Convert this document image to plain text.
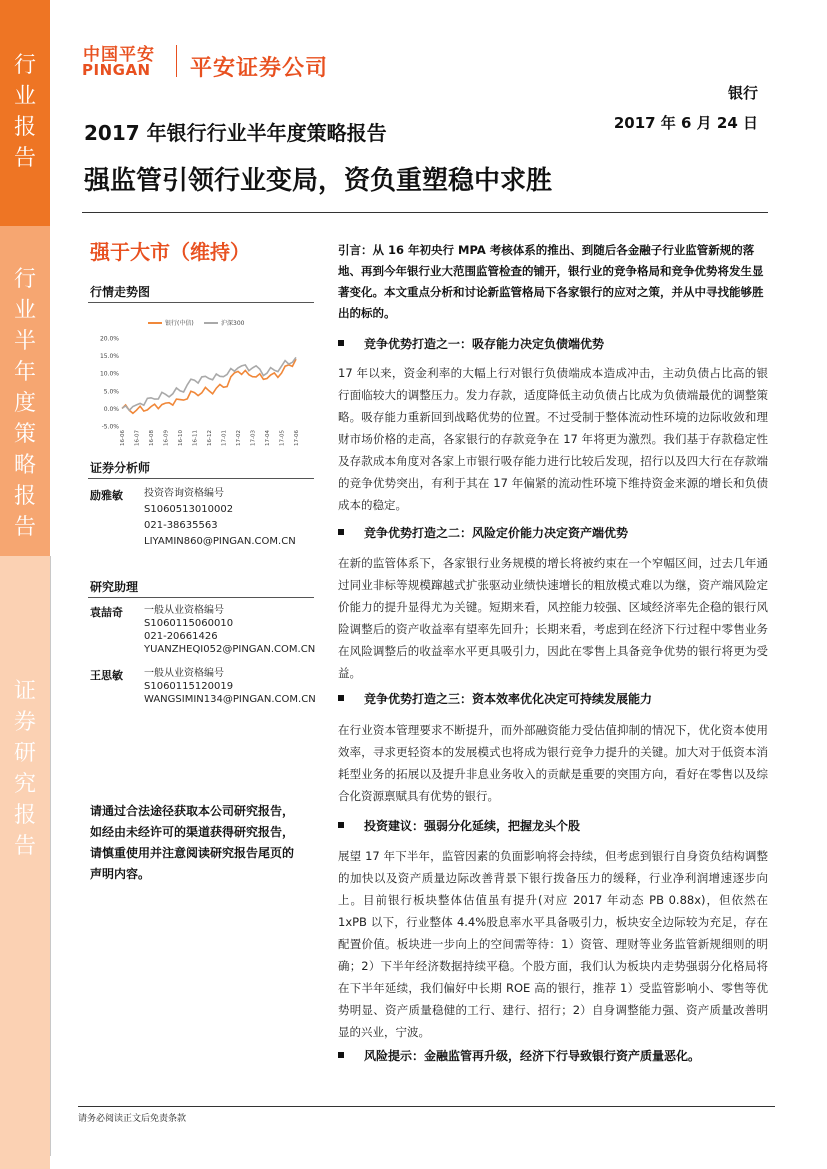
行
业
报
告
行
业
半
年
度
策
略
报
告
证
券
研
究
报
告
中国平安
PINGAN 平安证券公司
银行
2017 年 6 月 24 日
2017 年银行行业半年度策略报告
强监管引领行业变局，资负重塑稳中求胜
强于大市（维持）
行情走势图
20.0%
15.0%
10.0%
5.0%
0.0%
-5.0%
16-06 16-07 16-08 16-09 16-10 16-11 16-12 17-01 17-02 17-03 17-04 17-05 17-06
银行(中信)	沪深300
证券分析师
励雅敏 投资咨询资格编号
S1060513010002
021-38635563
LIYAMIN860@PINGAN.COM.CN
研究助理
袁喆奇 一般从业资格编号
S1060115060010
021-20661426
YUANZHEQI052@PINGAN.COM.CN
王思敏 一般从业资格编号
S1060115120019
WANGSIMIN134@PINGAN.COM.CN
请通过合法途径获取本公司研究报告，如经由未经许可的渠道获得研究报告，请慎重使用并注意阅读研究报告尾页的声明内容。
引言：从 16 年初央行 MPA 考核体系的推出、到随后各金融子行业监管新规的落地、再到今年银行业大范围监管检查的铺开，银行业的竞争格局和竞争优势将发生显著变化。本文重点分析和讨论新监管格局下各家银行的应对之策，并从中寻找能够胜出的标的。
竞争优势打造之一：吸存能力决定负债端优势
17 年以来，资金利率的大幅上行对银行负债端成本造成冲击，主动负债占比高的银行面临较大的调整压力。发力存款，适度降低主动负债占比成为负债端最优的调整策略。吸存能力重新回到战略优势的位置。不过受制于整体流动性环境的边际收敛和理财市场价格的走高，各家银行的存款竞争在 17 年将更为激烈。我们基于存款稳定性及存款成本角度对各家上市银行吸存能力进行比较后发现，招行以及四大行在存款端的竞争优势突出，有利于其在 17 年偏紧的流动性环境下维持资金来源的增长和负债成本的稳定。
竞争优势打造之二：风险定价能力决定资产端优势
在新的监管体系下，各家银行业务规模的增长将被约束在一个窄幅区间，过去几年通过同业非标等规模蹿越式扩张驱动业绩快速增长的粗放模式难以为继，资产端风险定价能力的提升显得尤为关键。短期来看，风控能力较强、区域经济率先企稳的银行风险调整后的资产收益率有望率先回升；长期来看，考虑到在经济下行过程中零售业务在风险调整后的收益率水平更具吸引力，因此在零售上具备竞争优势的银行将更为受益。
竞争优势打造之三：资本效率优化决定可持续发展能力
在行业资本管理要求不断提升，而外部融资能力受估值抑制的情况下，优化资本使用效率，寻求更轻资本的发展模式也将成为银行竞争力提升的关键。加大对于低资本消耗型业务的拓展以及提升非息业务收入的贡献是重要的突围方向，看好在零售以及综合化资源禀赋具有优势的银行。
投资建议：强弱分化延续，把握龙头个股
展望 17 年下半年，监管因素的负面影响将会持续，但考虑到银行自身资负结构调整的加快以及资产质量边际改善背景下银行拨备压力的缓释，行业净利润增速逐步向上。目前银行板块整体估值虽有提升(对应 2017 年动态 PB 0.88x)，但依然在 1xPB 以下，行业整体 4.4%股息率水平具备吸引力，板块安全边际较为充足，存在配置价值。板块进一步向上的空间需等待：1）资管、理财等业务监管新规细则的明确；2）下半年经济数据持续平稳。个股方面，我们认为板块内走势强弱分化格局将在下半年延续，我们偏好中长期 ROE 高的银行，推荐 1）受监管影响小、零售等优势明显、资产质量稳健的工行、建行、招行；2）自身调整能力强、资产质量改善明显的兴业，宁波。
风险提示：金融监管再升级，经济下行导致银行资产质量恶化。
请务必阅读正文后免责条款
